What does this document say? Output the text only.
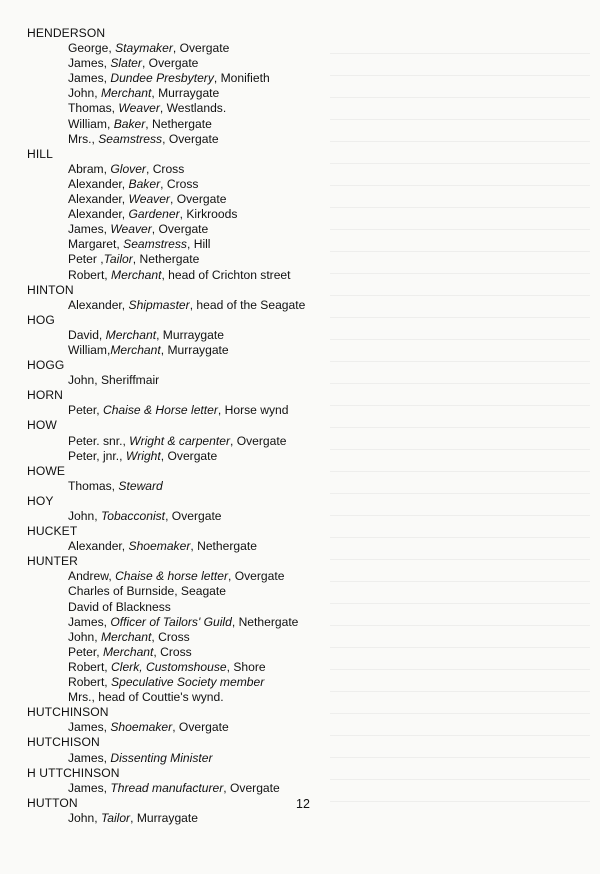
HENDERSON
George, Staymaker, Overgate
James, Slater, Overgate
James, Dundee Presbytery, Monifieth
John, Merchant, Murraygate
Thomas, Weaver, Westlands.
William, Baker, Nethergate
Mrs., Seamstress, Overgate
HILL
Abram, Glover, Cross
Alexander, Baker, Cross
Alexander, Weaver, Overgate
Alexander, Gardener, Kirkroods
James, Weaver, Overgate
Margaret, Seamstress, Hill
Peter ,Tailor, Nethergate
Robert, Merchant, head of Crichton street
HINTON
Alexander, Shipmaster, head of the Seagate
HOG
David, Merchant, Murraygate
William,Merchant, Murraygate
HOGG
John, Sheriffmair
HORN
Peter, Chaise & Horse letter, Horse wynd
HOW
Peter. snr., Wright & carpenter, Overgate
Peter, jnr., Wright, Overgate
HOWE
Thomas, Steward
HOY
John, Tobacconist, Overgate
HUCKET
Alexander, Shoemaker, Nethergate
HUNTER
Andrew, Chaise & horse letter, Overgate
Charles of Burnside, Seagate
David of Blackness
James, Officer of Tailors' Guild, Nethergate
John, Merchant, Cross
Peter, Merchant, Cross
Robert, Clerk, Customshouse, Shore
Robert, Speculative Society member
Mrs., head of Couttie's wynd.
HUTCHINSON
James, Shoemaker, Overgate
HUTCHISON
James, Dissenting Minister
H UTTCHINSON
James, Thread manufacturer, Overgate
HUTTON
John, Tailor, Murraygate
12
